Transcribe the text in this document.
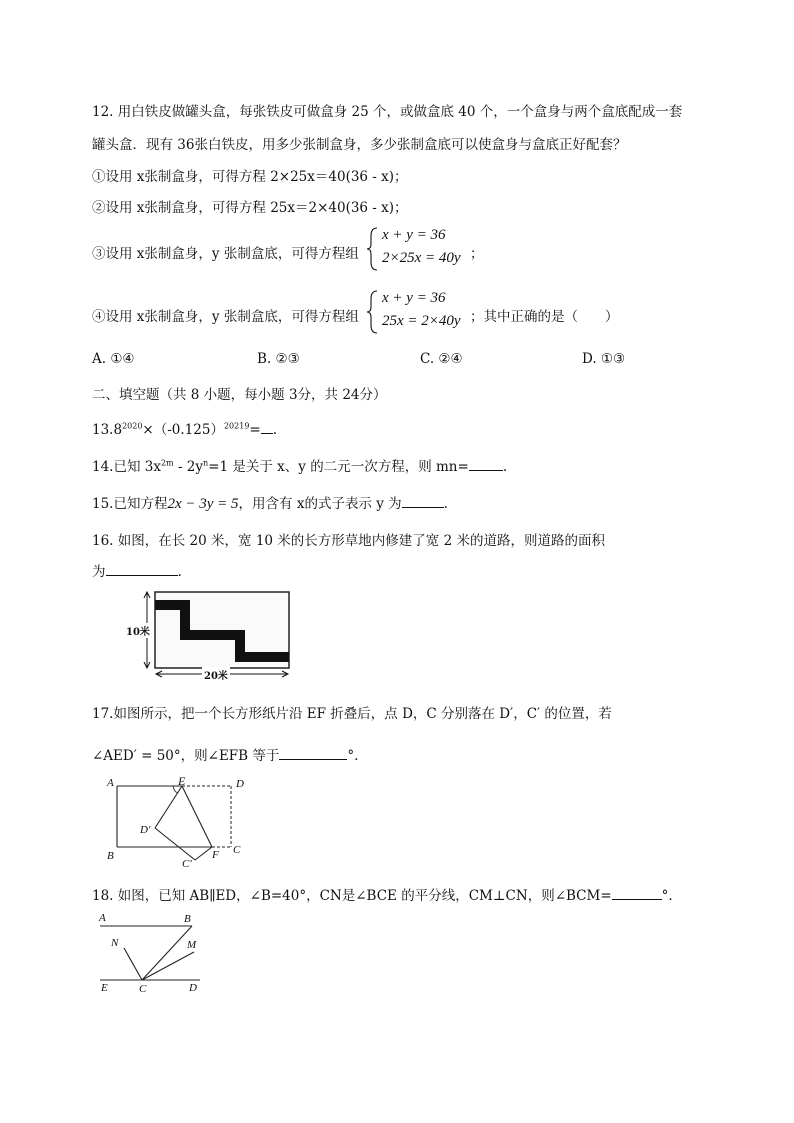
12. 用白铁皮做罐头盒，每张铁皮可做盒身 25 个，或做盒底 40 个，一个盒身与两个盒底配成一套
罐头盒．现有 36张白铁皮，用多少张制盒身，多少张制盒底可以使盒身与盒底正好配套？
①设用 x张制盒身，可得方程 2×25x＝40(36 - x)；
②设用 x张制盒身，可得方程 25x＝2×40(36 - x)；
③设用 x张制盒身，y 张制盒底，可得方程组
x + y = 36
2×25x = 40y ；
④设用 x张制盒身，y 张制盒底，可得方程组
x + y = 36
25x = 2×40y ；其中正确的是（　　）
A. ①④	B. ②③	C. ②④	D. ①③
二、填空题（共 8 小题，每小题 3分，共 24分）
$13.8^{2020}\times(-0.125)^{20219}=$ .
14.已知 $3x^{2m} - 2y^n=1$ 是关于 x、y 的二元一次方程，则 mn=	.
15.已知方程2x − 3y = 5，用含有 x的式子表示 y 为	.
16. 如图，在长 20 米，宽 10 米的长方形草地内修建了宽 2 米的道路，则道路的面积
为	.
10米
20米
17.如图所示，把一个长方形纸片沿 EF 折叠后，点 D，C 分别落在 D′，C′ 的位置，若
∠AED′ = 50°，则∠EFB 等于	°.
A	E	D
D′
B
C′
F C
18. 如图，已知 AB∥ED，∠B=40°，CN是∠BCE 的平分线，CM⊥CN，则∠BCM=	°.
A	B
N	M
E	C	D
